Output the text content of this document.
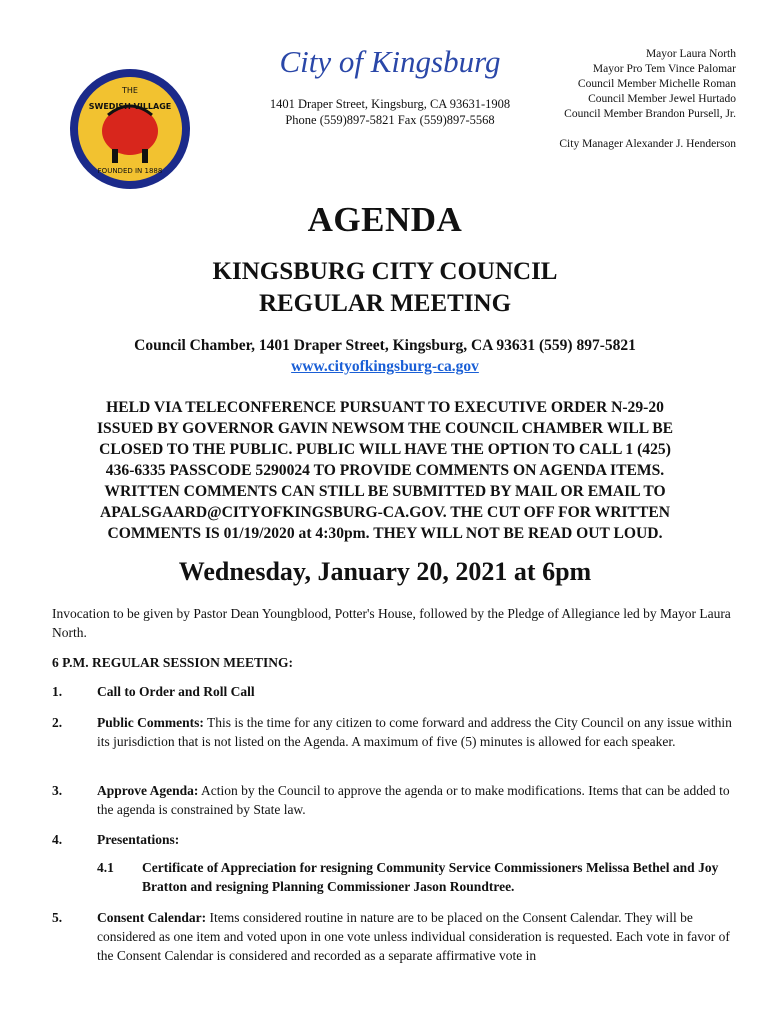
THE
SWEDISH VILLAGE
FOUNDED IN 1888
City of Kingsburg
1401 Draper Street, Kingsburg, CA 93631-1908
Phone (559)897-5821 Fax (559)897-5568
Mayor Laura North
Mayor Pro Tem Vince Palomar
Council Member Michelle Roman
Council Member Jewel Hurtado
Council Member Brandon Pursell, Jr.
City Manager Alexander J. Henderson
AGENDA
KINGSBURG CITY COUNCIL
REGULAR MEETING
Council Chamber, 1401 Draper Street, Kingsburg, CA 93631 (559) 897-5821
www.cityofkingsburg-ca.gov
HELD VIA TELECONFERENCE PURSUANT TO EXECUTIVE ORDER N-29-20
ISSUED BY GOVERNOR GAVIN NEWSOM THE COUNCIL CHAMBER WILL BE
CLOSED TO THE PUBLIC. PUBLIC WILL HAVE THE OPTION TO CALL 1 (425)
436-6335 PASSCODE 5290024 TO PROVIDE COMMENTS ON AGENDA ITEMS.
WRITTEN COMMENTS CAN STILL BE SUBMITTED BY MAIL OR EMAIL TO
APALSGAARD@CITYOFKINGSBURG-CA.GOV. THE CUT OFF FOR WRITTEN
COMMENTS IS 01/19/2020 at 4:30pm. THEY WILL NOT BE READ OUT LOUD.
Wednesday, January 20, 2021 at 6pm
Invocation to be given by Pastor Dean Youngblood, Potter's House, followed by the Pledge of Allegiance led by Mayor Laura North.
6 P.M. REGULAR SESSION MEETING:
1.	Call to Order and Roll Call
2.	Public Comments: This is the time for any citizen to come forward and address the City Council on any issue within its jurisdiction that is not listed on the Agenda. A maximum of five (5) minutes is allowed for each speaker.
3.	Approve Agenda: Action by the Council to approve the agenda or to make modifications. Items that can be added to the agenda is constrained by State law.
4.	Presentations:
4.1 Certificate of Appreciation for resigning Community Service Commissioners Melissa Bethel and Joy Bratton and resigning Planning Commissioner Jason Roundtree.
5.	Consent Calendar: Items considered routine in nature are to be placed on the Consent Calendar. They will be considered as one item and voted upon in one vote unless individual consideration is requested. Each vote in favor of the Consent Calendar is considered and recorded as a separate affirmative vote in
